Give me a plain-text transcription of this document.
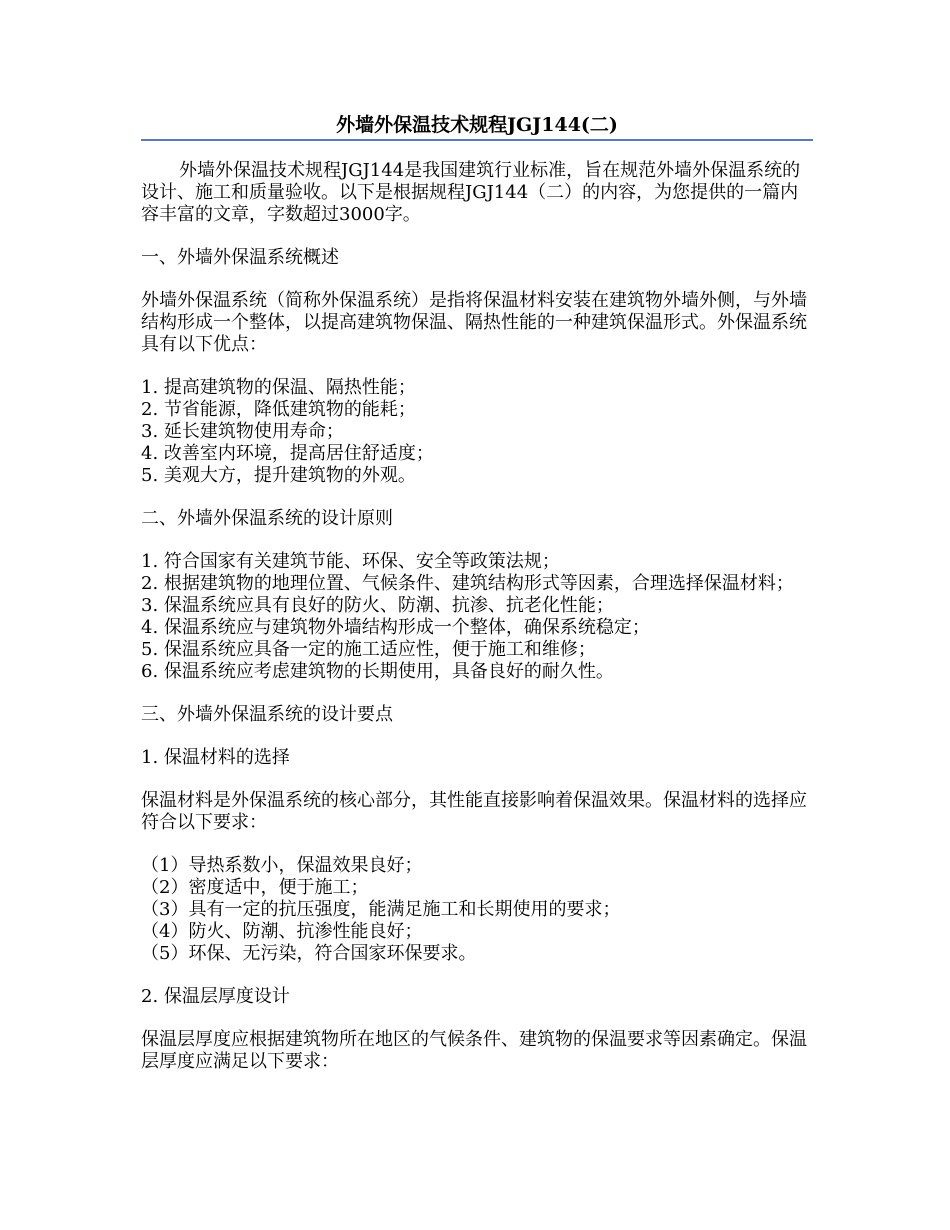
外墙外保温技术规程JGJ144(二)

外墙外保温技术规程JGJ144是我国建筑行业标准，旨在规范外墙外保温系统的设计、施工和质量验收。以下是根据规程JGJ144（二）的内容，为您提供的一篇内容丰富的文章，字数超过3000字。

一、外墙外保温系统概述

外墙外保温系统（简称外保温系统）是指将保温材料安装在建筑物外墙外侧，与外墙结构形成一个整体，以提高建筑物保温、隔热性能的一种建筑保温形式。外保温系统具有以下优点：

1. 提高建筑物的保温、隔热性能；
2. 节省能源，降低建筑物的能耗；
3. 延长建筑物使用寿命；
4. 改善室内环境，提高居住舒适度；
5. 美观大方，提升建筑物的外观。

二、外墙外保温系统的设计原则

1. 符合国家有关建筑节能、环保、安全等政策法规；
2. 根据建筑物的地理位置、气候条件、建筑结构形式等因素，合理选择保温材料；
3. 保温系统应具有良好的防火、防潮、抗渗、抗老化性能；
4. 保温系统应与建筑物外墙结构形成一个整体，确保系统稳定；
5. 保温系统应具备一定的施工适应性，便于施工和维修；
6. 保温系统应考虑建筑物的长期使用，具备良好的耐久性。

三、外墙外保温系统的设计要点

1. 保温材料的选择

保温材料是外保温系统的核心部分，其性能直接影响着保温效果。保温材料的选择应符合以下要求：

（1）导热系数小，保温效果良好；
（2）密度适中，便于施工；
（3）具有一定的抗压强度，能满足施工和长期使用的要求；
（4）防火、防潮、抗渗性能良好；
（5）环保、无污染，符合国家环保要求。

2. 保温层厚度设计

保温层厚度应根据建筑物所在地区的气候条件、建筑物的保温要求等因素确定。保温层厚度应满足以下要求：
